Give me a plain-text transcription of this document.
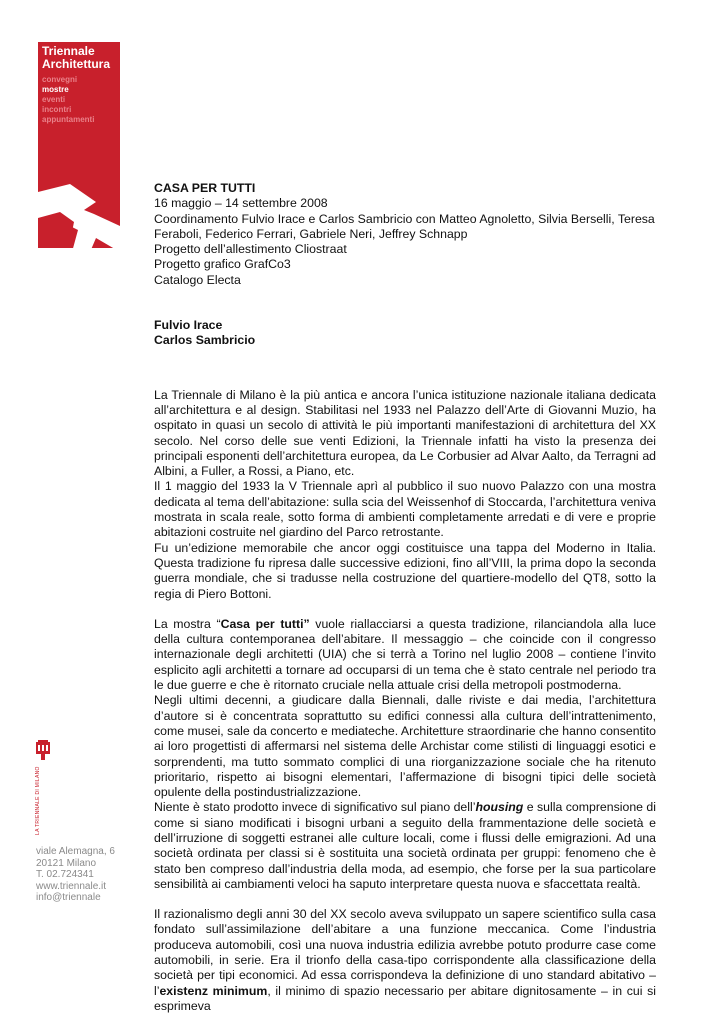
Triennale
Architettura
convegni
mostre
eventi
incontri
appuntamenti
LA TRIENNALE DI MILANO
viale Alemagna, 6
20121 Milano
T. 02.724341
www.triennale.it
info@triennale

CASA PER TUTTI

16 maggio – 14 settembre 2008

Coordinamento Fulvio Irace e Carlos Sambricio con Matteo Agnoletto, Silvia Berselli, Teresa Feraboli, Federico Ferrari, Gabriele Neri, Jeffrey Schnapp

Progetto dell’allestimento Cliostraat

Progetto grafico GrafCo3

Catalogo Electa

Fulvio Irace

Carlos Sambricio

La Triennale di Milano è la più antica e ancora l’unica istituzione nazionale italiana dedicata all’architettura e al design. Stabilitasi nel 1933 nel Palazzo dell’Arte di Giovanni Muzio, ha ospitato in quasi un secolo di attività le più importanti manifestazioni di architettura del XX secolo. Nel corso delle sue venti Edizioni, la Triennale infatti ha visto la presenza dei principali esponenti dell’architettura europea, da Le Corbusier ad Alvar Aalto, da Terragni ad Albini, a Fuller, a Rossi, a Piano, etc.

Il 1 maggio del 1933 la V Triennale aprì al pubblico il suo nuovo Palazzo con una mostra dedicata al tema dell’abitazione: sulla scia del Weissenhof di Stoccarda, l’architettura veniva mostrata in scala reale, sotto forma di ambienti completamente arredati e di vere e proprie abitazioni costruite nel giardino del Parco retrostante.

Fu un’edizione memorabile che ancor oggi costituisce una tappa del Moderno in Italia. Questa tradizione fu ripresa dalle successive edizioni, fino all’VIII, la prima dopo la seconda guerra mondiale, che si tradusse nella costruzione del quartiere-modello del QT8, sotto la regia di Piero Bottoni.

La mostra “Casa per tutti” vuole riallacciarsi a questa tradizione, rilanciandola alla luce della cultura contemporanea dell’abitare. Il messaggio – che coincide con il congresso internazionale degli architetti (UIA) che si terrà a Torino nel luglio 2008 – contiene l’invito esplicito agli architetti a tornare ad occuparsi di un tema che è stato centrale nel periodo tra le due guerre e che è ritornato cruciale nella attuale crisi della metropoli postmoderna.

Negli ultimi decenni, a giudicare dalla Biennali, dalle riviste e dai media, l’architettura d’autore si è concentrata soprattutto su edifici connessi alla cultura dell’intrattenimento, come musei, sale da concerto e mediateche. Architetture straordinarie che hanno consentito ai loro progettisti di affermarsi nel sistema delle Archistar come stilisti di linguaggi esotici e sorprendenti, ma tutto sommato complici di una riorganizzazione sociale che ha ritenuto prioritario, rispetto ai bisogni elementari, l’affermazione di bisogni tipici delle società opulente della postindustrializzazione.

Niente è stato prodotto invece di significativo sul piano dell’housing e sulla comprensione di come si siano modificati i bisogni urbani a seguito della frammentazione delle società e dell’irruzione di soggetti estranei alle culture locali, come i flussi delle emigrazioni. Ad una società ordinata per classi si è sostituita una società ordinata per gruppi: fenomeno che è stato ben compreso dall’industria della moda, ad esempio, che forse per la sua particolare sensibilità ai cambiamenti veloci ha saputo interpretare questa nuova e sfaccettata realtà.

Il razionalismo degli anni 30 del XX secolo aveva sviluppato un sapere scientifico sulla casa fondato sull’assimilazione dell’abitare a una funzione meccanica. Come l’industria produceva automobili, così una nuova industria edilizia avrebbe potuto produrre case come automobili, in serie. Era il trionfo della casa-tipo corrispondente alla classificazione della società per tipi economici. Ad essa corrispondeva la definizione di uno standard abitativo – l’existenz minimum, il minimo di spazio necessario per abitare dignitosamente – in cui si esprimeva
